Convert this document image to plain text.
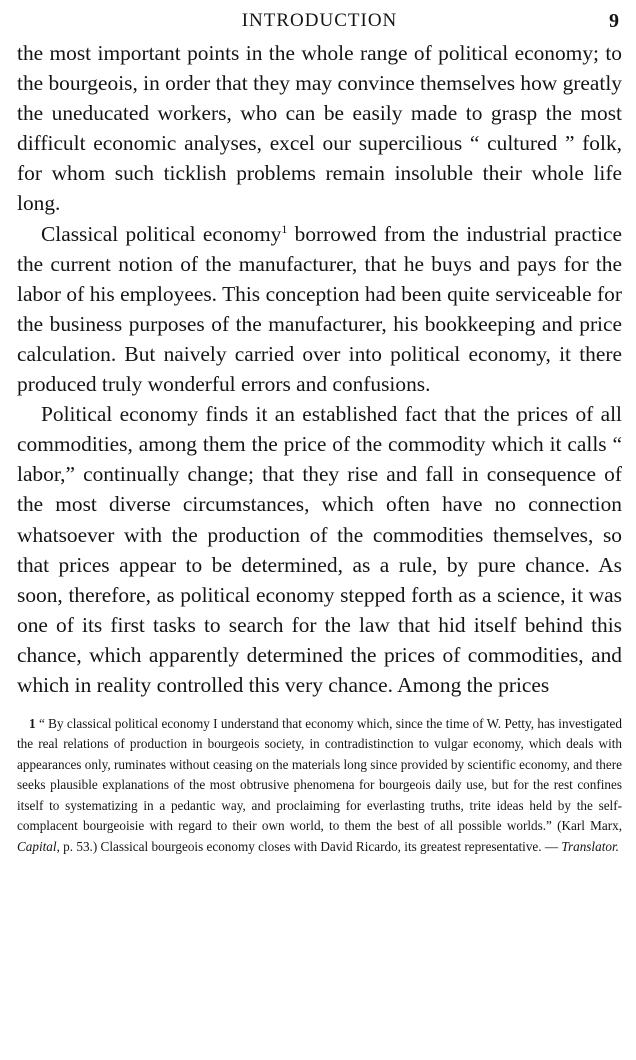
INTRODUCTION	9

the most important points in the whole range of political economy; to the bourgeois, in order that they may convince themselves how greatly the uneducated workers, who can be easily made to grasp the most difficult economic analyses, excel our supercilious “ cultured ” folk, for whom such ticklish problems remain insoluble their whole life long.

Classical political economy$^1$ borrowed from the industrial practice the current notion of the manufacturer, that he buys and pays for the labor of his employees. This conception had been quite serviceable for the business purposes of the manufacturer, his bookkeeping and price calculation. But naively carried over into political economy, it there produced truly wonderful errors and confusions.

Political economy finds it an established fact that the prices of all commodities, among them the price of the commodity which it calls “ labor,” continually change; that they rise and fall in consequence of the most diverse circumstances, which often have no connection whatsoever with the production of the commodities themselves, so that prices appear to be determined, as a rule, by pure chance. As soon, therefore, as political economy stepped forth as a science, it was one of its first tasks to search for the law that hid itself behind this chance, which apparently determined the prices of commodities, and which in reality controlled this very chance. Among the prices

1 “ By classical political economy I understand that economy which, since the time of W. Petty, has investigated the real relations of production in bourgeois society, in contradistinction to vulgar economy, which deals with appearances only, ruminates without ceasing on the materials long since provided by scientific economy, and there seeks plausible explanations of the most obtrusive phenomena for bourgeois daily use, but for the rest confines itself to systematizing in a pedantic way, and proclaiming for everlasting truths, trite ideas held by the self-complacent bourgeoisie with regard to their own world, to them the best of all possible worlds.” (Karl Marx, Capital, p. 53.) Classical bourgeois economy closes with David Ricardo, its greatest representative. — Translator.
